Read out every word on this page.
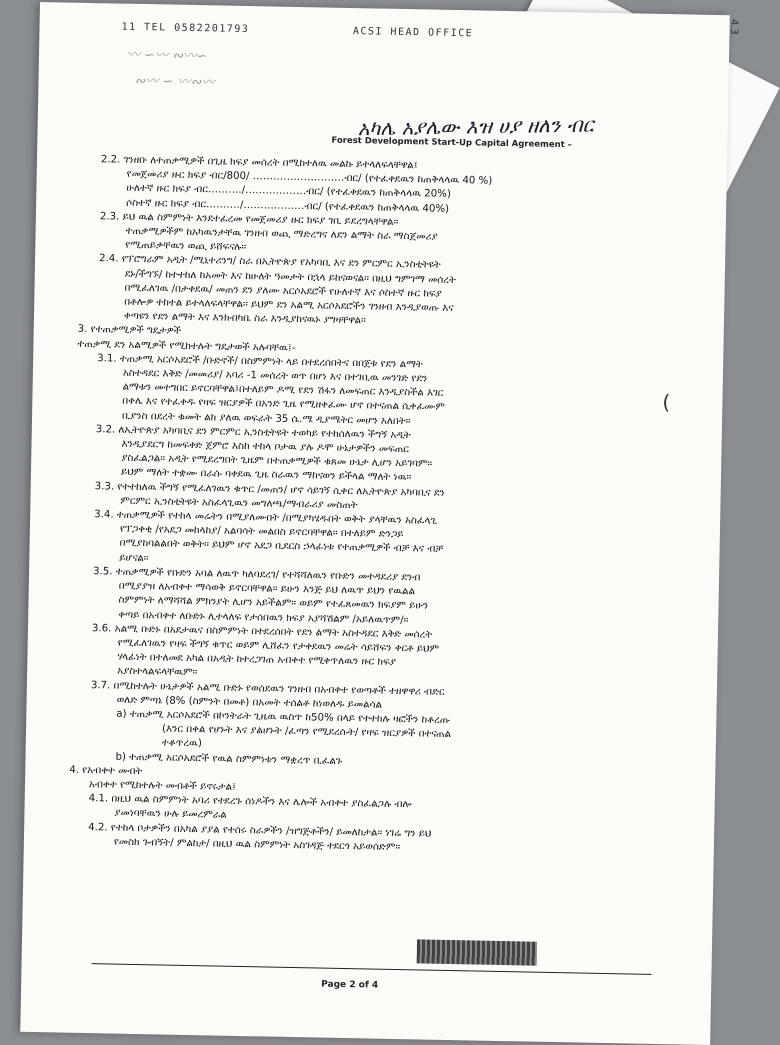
11 TEL 0582201793	ACSI HEAD OFFICE	4.3
〰 ∽〰 ∾〰∽
∾〰 ∽ 〰∾〰
አካሌ አያሌው እዝ ሀያ ዘለን ብር
Forest Development Start-Up Capital Agreement –
(
2.2. ገንዘቡ ለተጠቃሚዎች በጊዜ ክፍያ መሰረት በሚከተለዉ መልኩ ይተላለፍላቸዋል፤
የመጀመሪያ ዙር ክፍያ ብር/800/ ………………………ብር/ (የተፈቀደዉን ከጠቅላላዉ 40 %)
ሁለተኛ ዙር ክፍያ ብር………./………………ብር/ (የተፈቀደዉን ከጠቅላላዉ 20%)
ሶስተኛ ዙር ክፍያ ብር………./………………ብር/ (የተፈቀደዉን ከጠቅላላዉ 40%)
2.3. ይህ ዉል ስምምነት እንደተፈረመ የመጀመሪያ ዙር ክፍያ ገቢ ይደረግላቸዋል፡፡
ተጠቃሚዎችም ከአካዉንታቸዉ ገንዘብ ወጪ ማድረግና ለደን ልማት ስራ ማስጀመሪያ
የሚጠይቃቸዉን ወጪ ይሸፍናሉ፡፡
2.4. የፕሮግራም አዲት /ሚኒተሪንግ/ ስራ በኢትዮጵያ የአካባቢ እና ደን ምርምር ኢንስቲትዩት
ደኑ/ችግኙ/ ከተተከለ ከአመት እና ከሁለት ዓመታት በኋላ ይከናወናል፡፡ በዚህ ግምገማ መሰረት
በሚፈለገዉ /በታቀደዉ/ መጠን ደን ያለሙ አርሶአደሮች የሁለተኛ እና ሶስተኛ ዙር ክፍያ
በቶሎዎ ተከተል ይተላለፍላቸዋል፡፡ ይህም ደን አልሚ አርሶአደሮችን ገንዘብ እንዲያወጡ እና
ቀጣዩን የደን ልማት እና እንክብካቤ ስራ እንዲያከናዉኑ ያግዛቸዋል፡፡
3. የተጠቃሚዎች ግዴታዎች
ተጠቃሚ ደን አልሚዎች የሚከተሉት ግዴታወች አሉባቸዉ፤-
3.1. ተጠቃሚ አርሶአደሮች /ቡድኖች/ በስምምነት ላይ በተደረሰበትና በበጀቱ የደን ልማት
አስተዳደር እቅድ /መመሪያ/ አባሪ -1 መሰረት ወጥ በሆነ እና በተገቢዉ መንገድ የደን
ልማቱን መተግበር ይኖርባቸዋል፤በተለይም ዶሚ የደን ሽፋን ለመፍጠር እንዲያስችል እገር
በቀሌ እና የተፈቀዱ የዛፍ ዝርያዎች በአንድ ጊዜ የሚዘቀፈሙ ሆኖ በተናጠል ሲቀፈሙም
ቢያንስ በደረት ቁመት ልክ ያለዉ ወፍራት 35 ሴ.ሜ ዲያሜትር መሆን አለበት፡፡
3.2. ለኢትዮጵያ አካባቢና ደን ምርምር ኢንስቲትዩት ተወካይ የተከሰለዉን ችግኝ አዲት
እንዲያደርግ ከመፍቀድ ጀምሮ እስከ ተከላ ቦታዉ ያሉ ዶሞ ሁኔታዎችን መፍጠር
ያስፈልጋል፡፡ አዲት የሚደረግበት ጊዜም በተጠቃሚዎች ቁጸመ ሁኔታ ሊሆን አይገባም፡፡
ይህም ማለት ተቋሙ በራሱ ባቀደዉ ጊዜ ስራዉን ማከናወን ይችላል ማለት ነዉ፡፡
3.3. የተተከለዉ ችግኝ የሚፈለገዉን ቁጥር /መጠን/ ሆኖ ሳይገኝ ሲቀር ለኢትዮጵያ አካባቢና ደን
ምርምር ኢንስቲትዩት አስፈላጊዉን መግለጫ/ማብራሪያ መስጠት
3.4. ተጠቃሚዎች የተከላ መሬትን በሚያለሙበት /በሚያካሄዱበት ወቅት ያላቸዉን አስፈላጊ
የፕጋቀቂ /የአደጋ መከላከያ/ አልባሳት መልበስ ይኖርባቸዋል፡፡ በተለይም ድንጋይ
በሚያከባልልበት ወቅት፡፡ ይህም ሆኖ አደጋ ቢደርስ ኃላፊነቱ የተጠቃሚዎች ብቻ እና ብቻ
ይሆናል፡፡
3.5. ተጠቃሚዎች የቡድን አባል ለዉጥ ካለባደረገ/ የተሻሻለዉን የቡድን መተዳደሪያ ደንብ
በሚያያዝ ለአብቀተ ማሳወቅ ይኖርባቸዋል፡፡ ይሁን እንጅ ይህ ለዉጥ ይህን የዉልል
ስምምነት ለማሻሻል ምክንያት ሊሆን አይችልም፡፡ ወይም የተፈጸመዉን ክፍያም ይሁን
ቀጣይ በአብቀተ ለቡድኑ ሊተላለፍ የታሰበዉን ክፍያ አያሻሽልም /አይለዉጥም/፡፡
3.6. አልሚ ቡድኑ በአደታዉና በስምምነት በተደረሰበት የደን ልማት አስተዳደር እቅድ መሰረት
የሚፈለገዉን የዛፍ ችግኝ ቁጥር ወይም ሊሸፈን የታቀደዉን መሬት ሳይሸፍን ቀርቶ ይህም
ሃላፊነት በተለመደ አካል በአዲት ከተረጋገጠ አብቀተ የሚቀጥለዉን ዙር ክፍያ
አያስተላልፍላቸዉም፡፡
3.7. በሚከተሉት ሁኔታዎች አልሚ ቡድኑ የወሰደዉን ገንዘብ በአብቀተ የወጣቶች ተዘዋዋሪ ብድር
ወለድ ምጣኔ (8% (ስምንት በመቶ) በአመት ተሰልቶ ከነወለዱ ይመልሳል
a) ተጠቃሚ አርሶአደሮች በኮንትራት ጊዜዉ ዉስጥ ከ50% በላይ የተተከሉ ዛፎችን ከቆረጡ
(እንር በቀል የሆኑት እና ያልሆኑት /ፈጣን የሚደረሱት/ የዛፍ ዝርያዎች በተናጠል
ተቆጥረዉ)
b) ተጠቃሚ አርሶአደሮች የዉል ስምምነቱን ማቋረጥ ቢፈልጉ
4. የአብቀተ መብት
አብቀተ የሚከተሉት መብቶች ይኖሩታል፤
4.1. በዚህ ዉል ስምምነት አባሪ የተደረጉ ሰነዶችን እና ሌሎች አብቀተ ያስፈልጋሉ ብሎ
ያመነባቸዉን ሁሉ ይመረምራል
4.2. የተከላ ቦታዎችን በአካል ያያል የተሰሩ ስራዎችን /ዝግጅቶችን/ ይመለከታል፡፡ ነገሬ ግን ይህ
የመስክ ጉብኝት/ ምልከታ/ በዚህ ዉል ስምምነት አስገዳጅ ተደርጎ አይወሰድም፡፡
Page 2 of 4
